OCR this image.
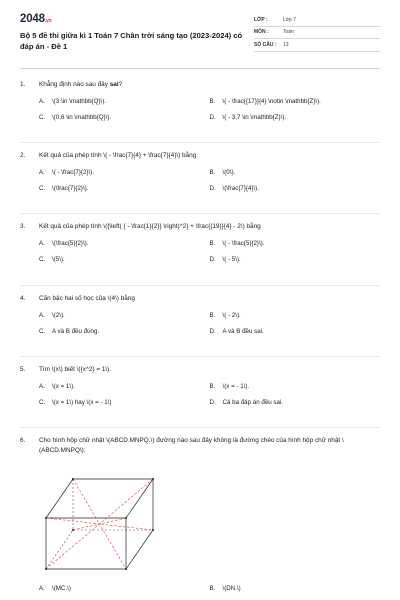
2048.vn
Bộ 5 đề thi giữa kì 1 Toán 7 Chân trời sáng tạo (2023-2024) có đáp án - Đề 1
LỚP :	Lớp 7
MÔN :	Toán
SỐ CÂU :	13
1.	Khẳng định nào sau đây sai?
A.	\(3 \in \mathbb{Q}\).	B.	\( - \frac{{17}}{4} \notin \mathbb{Z}\).
C.	\(0,6 \in \mathbb{Q}\).	D.	\( - 3,7 \in \mathbb{Z}\).
2.	Kết quả của phép tính \( - \frac{7}{4} + \frac{7}{4}\) bằng
A.	\( - \frac{7}{2}\).	B.	\(0\).
C.	\(\frac{7}{2}\).	D.	\(\frac{7}{4}\).
3.	Kết quả của phép tính \({\left( { - \frac{1}{2}} \right)^2} + \frac{{19}}{4} - 2\) bằng
A.	\(\frac{5}{2}\).	B.	\( - \frac{5}{2}\).
C.	\(5\).	D.	\( - 5\).
4.	Căn bậc hai số học của \(4\) bằng
A.	\(2\).	B.	\( - 2\).
C.	A và B đều đúng.	D.	A và B đều sai.
5.	Tìm \(x\) biết \({x^2} = 1\).
A.	\(x = 1\).	B.	\(x = - 1\).
C.	\(x = 1\) hay \(x = - 1\)	D.	Cả ba đáp án đều sai.
6.	Cho hình hộp chữ nhật \(ABCD.MNPQ,\) đường nào sau đây không là đường chéo của hình hộp chữ nhật \(ABCD.MNPQ\):
A.	\(MC.\)	B.	\(DN.\)
